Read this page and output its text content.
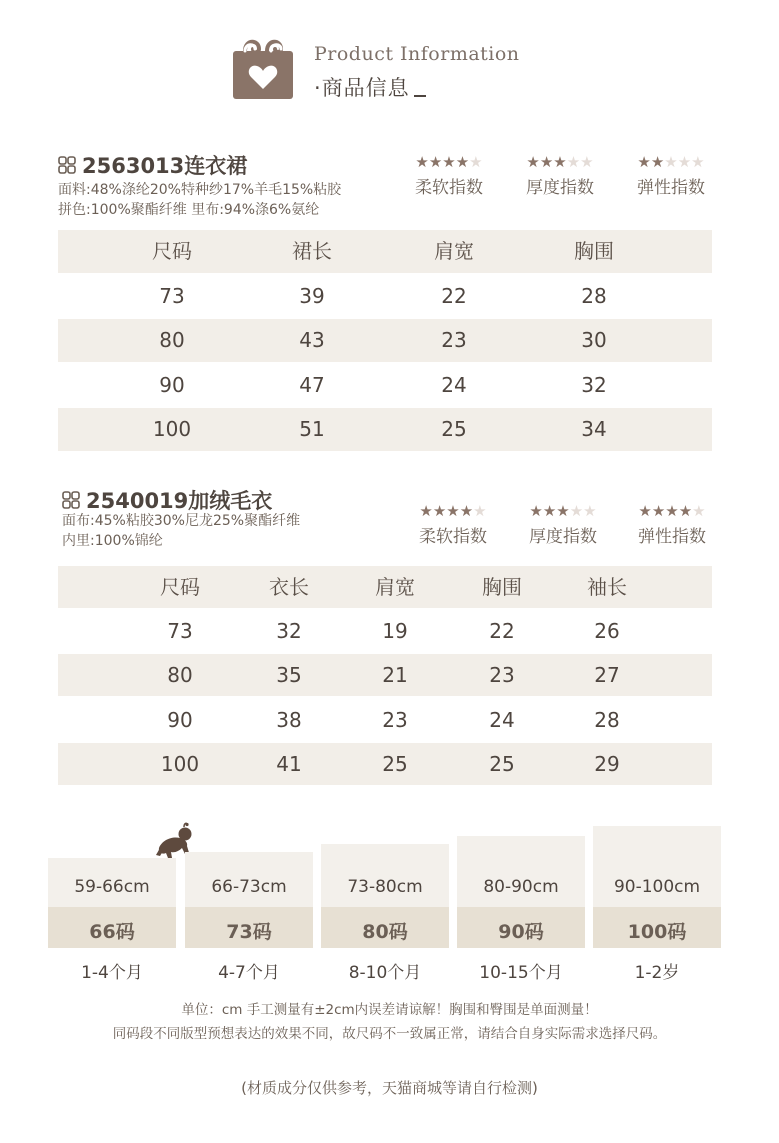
Product Information
·商品信息
2563013连衣裙
面料:48%涤纶20%特种纱17%羊毛15%粘胶
拼色:100%聚酯纤维 里布:94%涤6%氨纶
★★★★★
柔软指数
★★★★★
厚度指数
★★★★★
弹性指数
尺码	裙长	肩宽	胸围
73	39	22	28
80	43	23	30
90	47	24	32
100	51	25	34
2540019加绒毛衣
面布:45%粘胶30%尼龙25%聚酯纤维
内里:100%锦纶
★★★★★
柔软指数
★★★★★
厚度指数
★★★★★
弹性指数
尺码	衣长	肩宽	胸围	袖长
73	32	19	22	26
80	35	21	23	27
90	38	23	24	28
100	41	25	25	29
59-66cm
66码
1-4个月
66-73cm
73码
4-7个月
73-80cm
80码
8-10个月
80-90cm
90码
10-15个月
90-100cm
100码
1-2岁
单位：cm 手工测量有±2cm内误差请谅解！胸围和臀围是单面测量！
同码段不同版型预想表达的效果不同，故尺码不一致属正常，请结合自身实际需求选择尺码。
(材质成分仅供参考，天猫商城等请自行检测)
